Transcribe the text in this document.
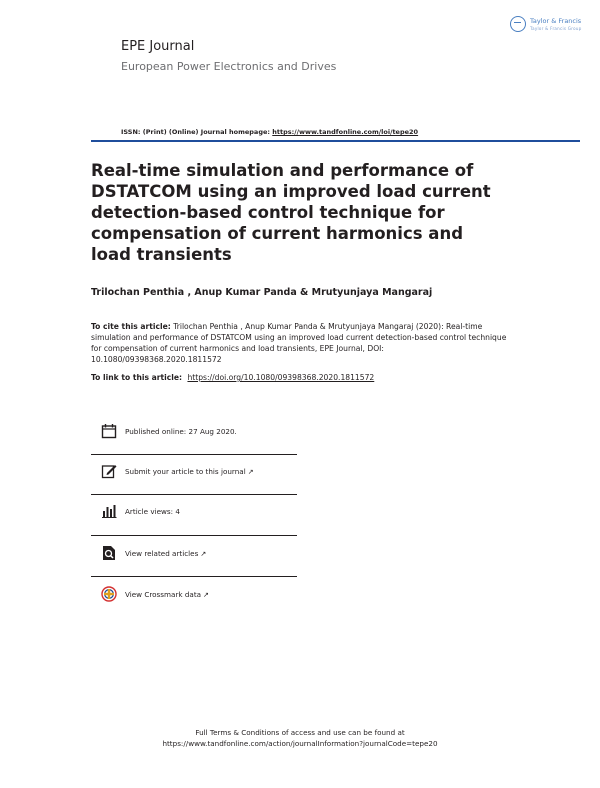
Taylor & Francis
Taylor & Francis Group
EPE Journal
European Power Electronics and Drives
ISSN: (Print) (Online) Journal homepage: https://www.tandfonline.com/loi/tepe20
Real-time simulation and performance of DSTATCOM using an improved load current detection-based control technique for compensation of current harmonics and load transients
Trilochan Penthia , Anup Kumar Panda & Mrutyunjaya Mangaraj
To cite this article: Trilochan Penthia , Anup Kumar Panda & Mrutyunjaya Mangaraj (2020): Real-time simulation and performance of DSTATCOM using an improved load current detection-based control technique for compensation of current harmonics and load transients, EPE Journal, DOI: 10.1080/09398368.2020.1811572
To link to this article: https://doi.org/10.1080/09398368.2020.1811572
Published online: 27 Aug 2020.
Submit your article to this journal ↗
Article views: 4
View related articles ↗
View Crossmark data ↗
Full Terms & Conditions of access and use can be found at
https://www.tandfonline.com/action/journalInformation?journalCode=tepe20
